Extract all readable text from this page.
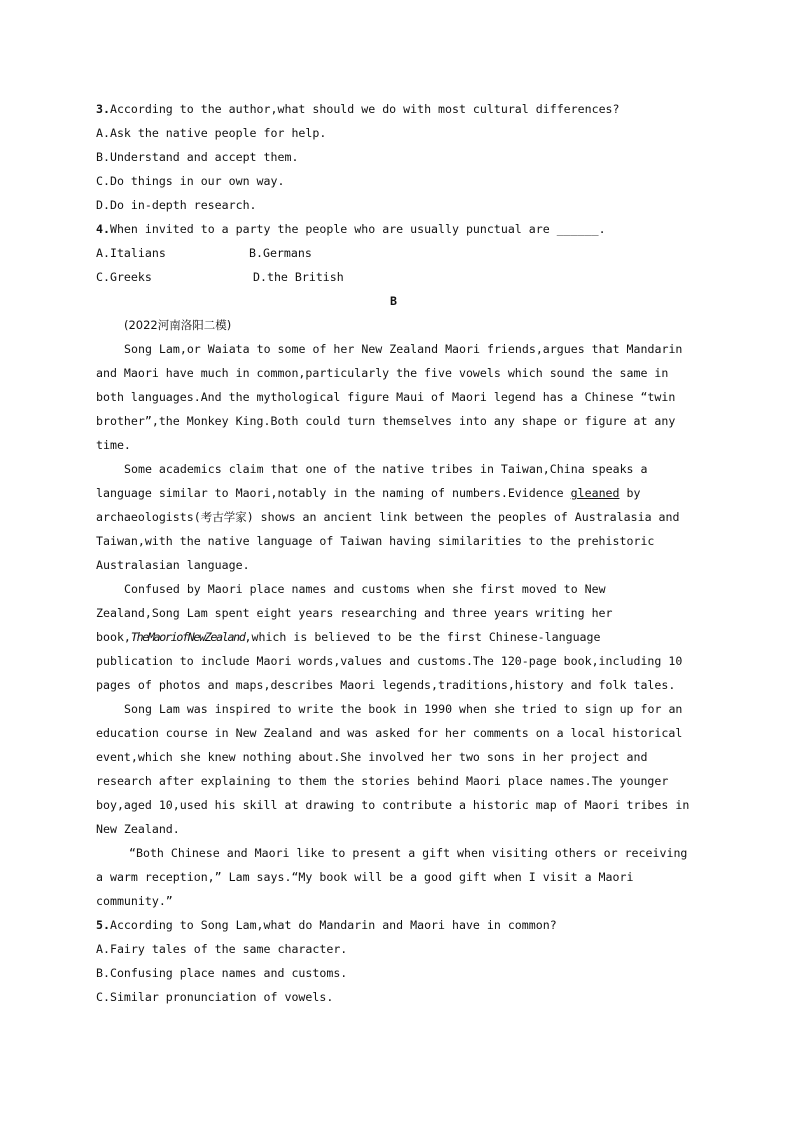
3.According to the author,what should we do with most cultural differences?
A.Ask the native people for help.
B.Understand and accept them.
C.Do things in our own way.
D.Do in-depth research.
4.When invited to a party the people who are usually punctual are ______.
A.Italians	B.Germans
C.Greeks	D.the British
B
(2022河南洛阳二模)
Song Lam,or Waiata to some of her New Zealand Maori friends,argues that Mandarin
and Maori have much in common,particularly the five vowels which sound the same in
both languages.And the mythological figure Maui of Maori legend has a Chinese “twin
brother”,the Monkey King.Both could turn themselves into any shape or figure at any
time.
Some academics claim that one of the native tribes in Taiwan,China speaks a
language similar to Maori,notably in the naming of numbers.Evidence gleaned by
archaeologists(考古学家) shows an ancient link between the peoples of Australasia and
Taiwan,with the native language of Taiwan having similarities to the prehistoric
Australasian language.
Confused by Maori place names and customs when she first moved to New
Zealand,Song Lam spent eight years researching and three years writing her
book,TheMaoriofNewZealand,which is believed to be the first Chinese-language
publication to include Maori words,values and customs.The 120-page book,including 10
pages of photos and maps,describes Maori legends,traditions,history and folk tales.
Song Lam was inspired to write the book in 1990 when she tried to sign up for an
education course in New Zealand and was asked for her comments on a local historical
event,which she knew nothing about.She involved her two sons in her project and
research after explaining to them the stories behind Maori place names.The younger
boy,aged 10,used his skill at drawing to contribute a historic map of Maori tribes in
New Zealand.
“Both Chinese and Maori like to present a gift when visiting others or receiving
a warm reception,” Lam says.“My book will be a good gift when I visit a Maori
community.”
5.According to Song Lam,what do Mandarin and Maori have in common?
A.Fairy tales of the same character.
B.Confusing place names and customs.
C.Similar pronunciation of vowels.
